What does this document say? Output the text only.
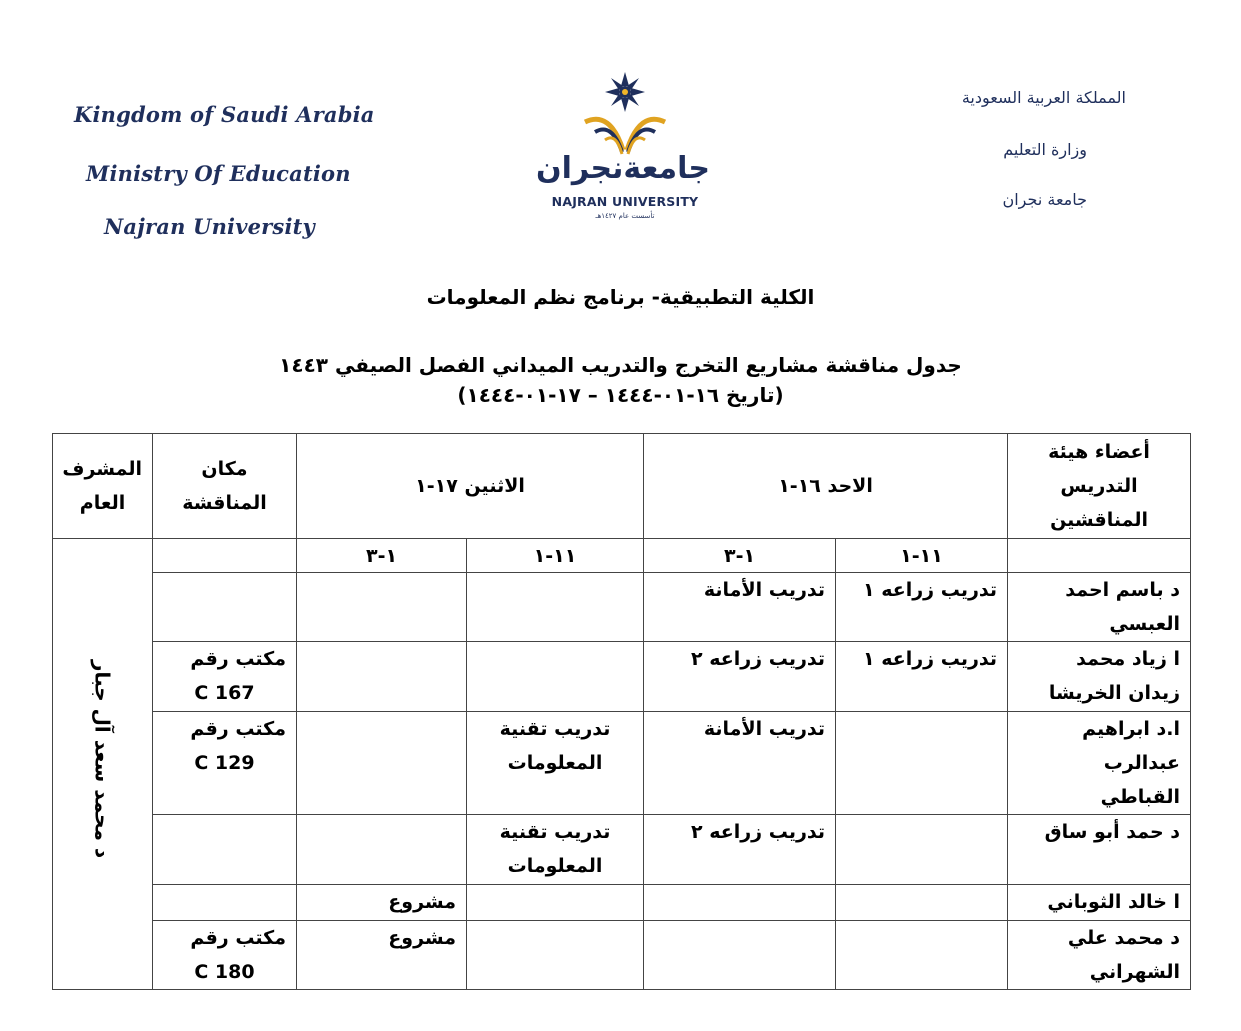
Kingdom of Saudi Arabia
Ministry Of Education
Najran University
جامعةنجران
NAJRAN UNIVERSITY
تأسست عام ١٤٢٧هـ
المملكة العربية السعودية
وزارة التعليم
جامعة نجران
الكلية التطبيقية- برنامج نظم المعلومات
جدول مناقشة مشاريع التخرج والتدريب الميداني الفصل الصيفي ١٤٤٣
(تاريخ ١٦-٠١-١٤٤٤ – ١٧-٠١-١٤٤٤)
أعضاء هيئة التدريس المناقشين	الاحد ١٦-١		الاثنين ١٧-١		مكان المناقشة	المشرف العام
	١١-١	١-٣	١١-١	١-٣		د محمد سعد آل جبار
د باسم احمد العبسي	تدريب زراعه ١	تدريب الأمانة				
ا زياد محمد زيدان الخريشا	تدريب زراعه ١	تدريب زراعه ٢			مكتب رقم
C 167	

ا.د ابراهيم عبدالرب القباطي		تدريب الأمانة	تدريب تقنية المعلومات		مكتب رقم
C 129	

د حمد أبو ساق		تدريب زراعه ٢	تدريب تقنية المعلومات			
ا خالد الثوباني				مشروع		
د محمد علي الشهراني				مشروع	مكتب رقم
C 180	
